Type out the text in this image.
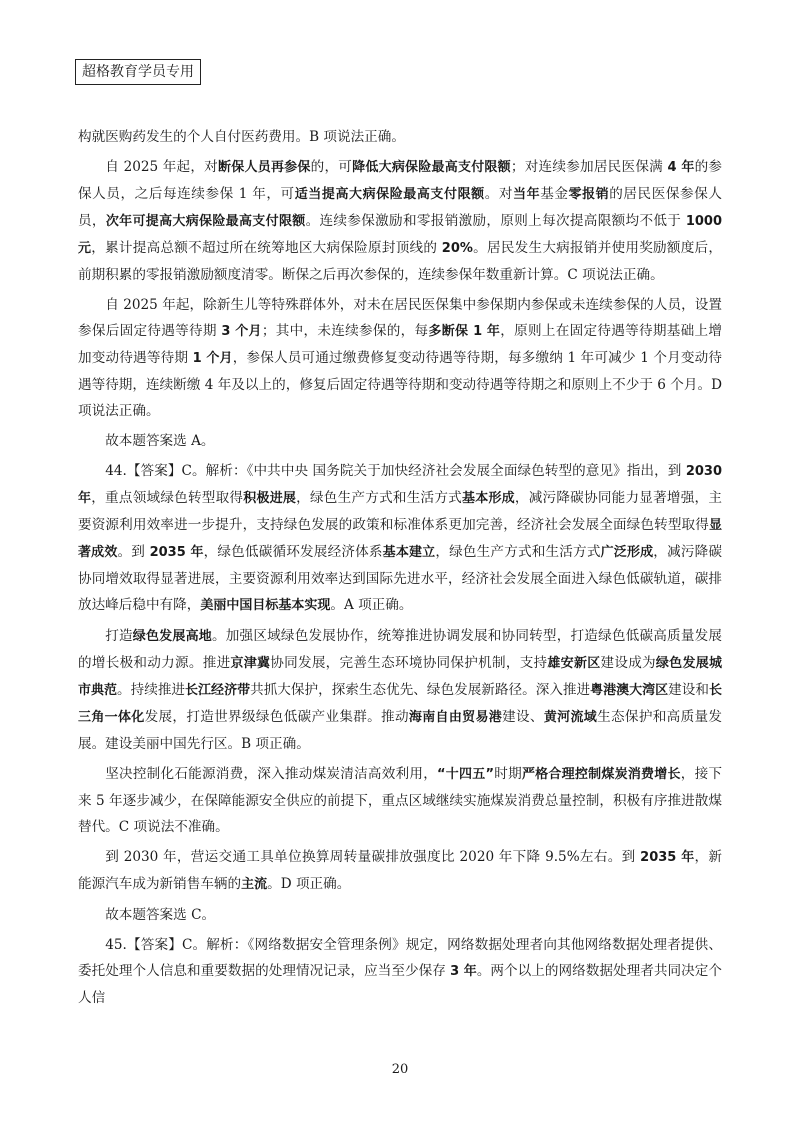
超格教育学员专用

构就医购药发生的个人自付医药费用。B 项说法正确。

自 2025 年起，对断保人员再参保的，可降低大病保险最高支付限额；对连续参加居民医保满 4 年的参保人员，之后每连续参保 1 年，可适当提高大病保险最高支付限额。对当年基金零报销的居民医保参保人员，次年可提高大病保险最高支付限额。连续参保激励和零报销激励，原则上每次提高限额均不低于 1000 元，累计提高总额不超过所在统筹地区大病保险原封顶线的 20%。居民发生大病报销并使用奖励额度后，前期积累的零报销激励额度清零。断保之后再次参保的，连续参保年数重新计算。C 项说法正确。

自 2025 年起，除新生儿等特殊群体外，对未在居民医保集中参保期内参保或未连续参保的人员，设置参保后固定待遇等待期 3 个月；其中，未连续参保的，每多断保 1 年，原则上在固定待遇等待期基础上增加变动待遇等待期 1 个月，参保人员可通过缴费修复变动待遇等待期，每多缴纳 1 年可减少 1 个月变动待遇等待期，连续断缴 4 年及以上的，修复后固定待遇等待期和变动待遇等待期之和原则上不少于 6 个月。D 项说法正确。

故本题答案选 A。

44.【答案】C。解析：《中共中央 国务院关于加快经济社会发展全面绿色转型的意见》指出，到 2030 年，重点领域绿色转型取得积极进展，绿色生产方式和生活方式基本形成，减污降碳协同能力显著增强，主要资源利用效率进一步提升，支持绿色发展的政策和标准体系更加完善，经济社会发展全面绿色转型取得显著成效。到 2035 年，绿色低碳循环发展经济体系基本建立，绿色生产方式和生活方式广泛形成，减污降碳协同增效取得显著进展，主要资源利用效率达到国际先进水平，经济社会发展全面进入绿色低碳轨道，碳排放达峰后稳中有降，美丽中国目标基本实现。A 项正确。

打造绿色发展高地。加强区域绿色发展协作，统筹推进协调发展和协同转型，打造绿色低碳高质量发展的增长极和动力源。推进京津冀协同发展，完善生态环境协同保护机制，支持雄安新区建设成为绿色发展城市典范。持续推进长江经济带共抓大保护，探索生态优先、绿色发展新路径。深入推进粤港澳大湾区建设和长三角一体化发展，打造世界级绿色低碳产业集群。推动海南自由贸易港建设、黄河流域生态保护和高质量发展。建设美丽中国先行区。B 项正确。

坚决控制化石能源消费，深入推动煤炭清洁高效利用，“十四五”时期严格合理控制煤炭消费增长，接下来 5 年逐步减少，在保障能源安全供应的前提下，重点区域继续实施煤炭消费总量控制，积极有序推进散煤替代。C 项说法不准确。

到 2030 年，营运交通工具单位换算周转量碳排放强度比 2020 年下降 9.5%左右。到 2035 年，新能源汽车成为新销售车辆的主流。D 项正确。

故本题答案选 C。

45.【答案】C。解析：《网络数据安全管理条例》规定，网络数据处理者向其他网络数据处理者提供、委托处理个人信息和重要数据的处理情况记录，应当至少保存 3 年。两个以上的网络数据处理者共同决定个人信

20
